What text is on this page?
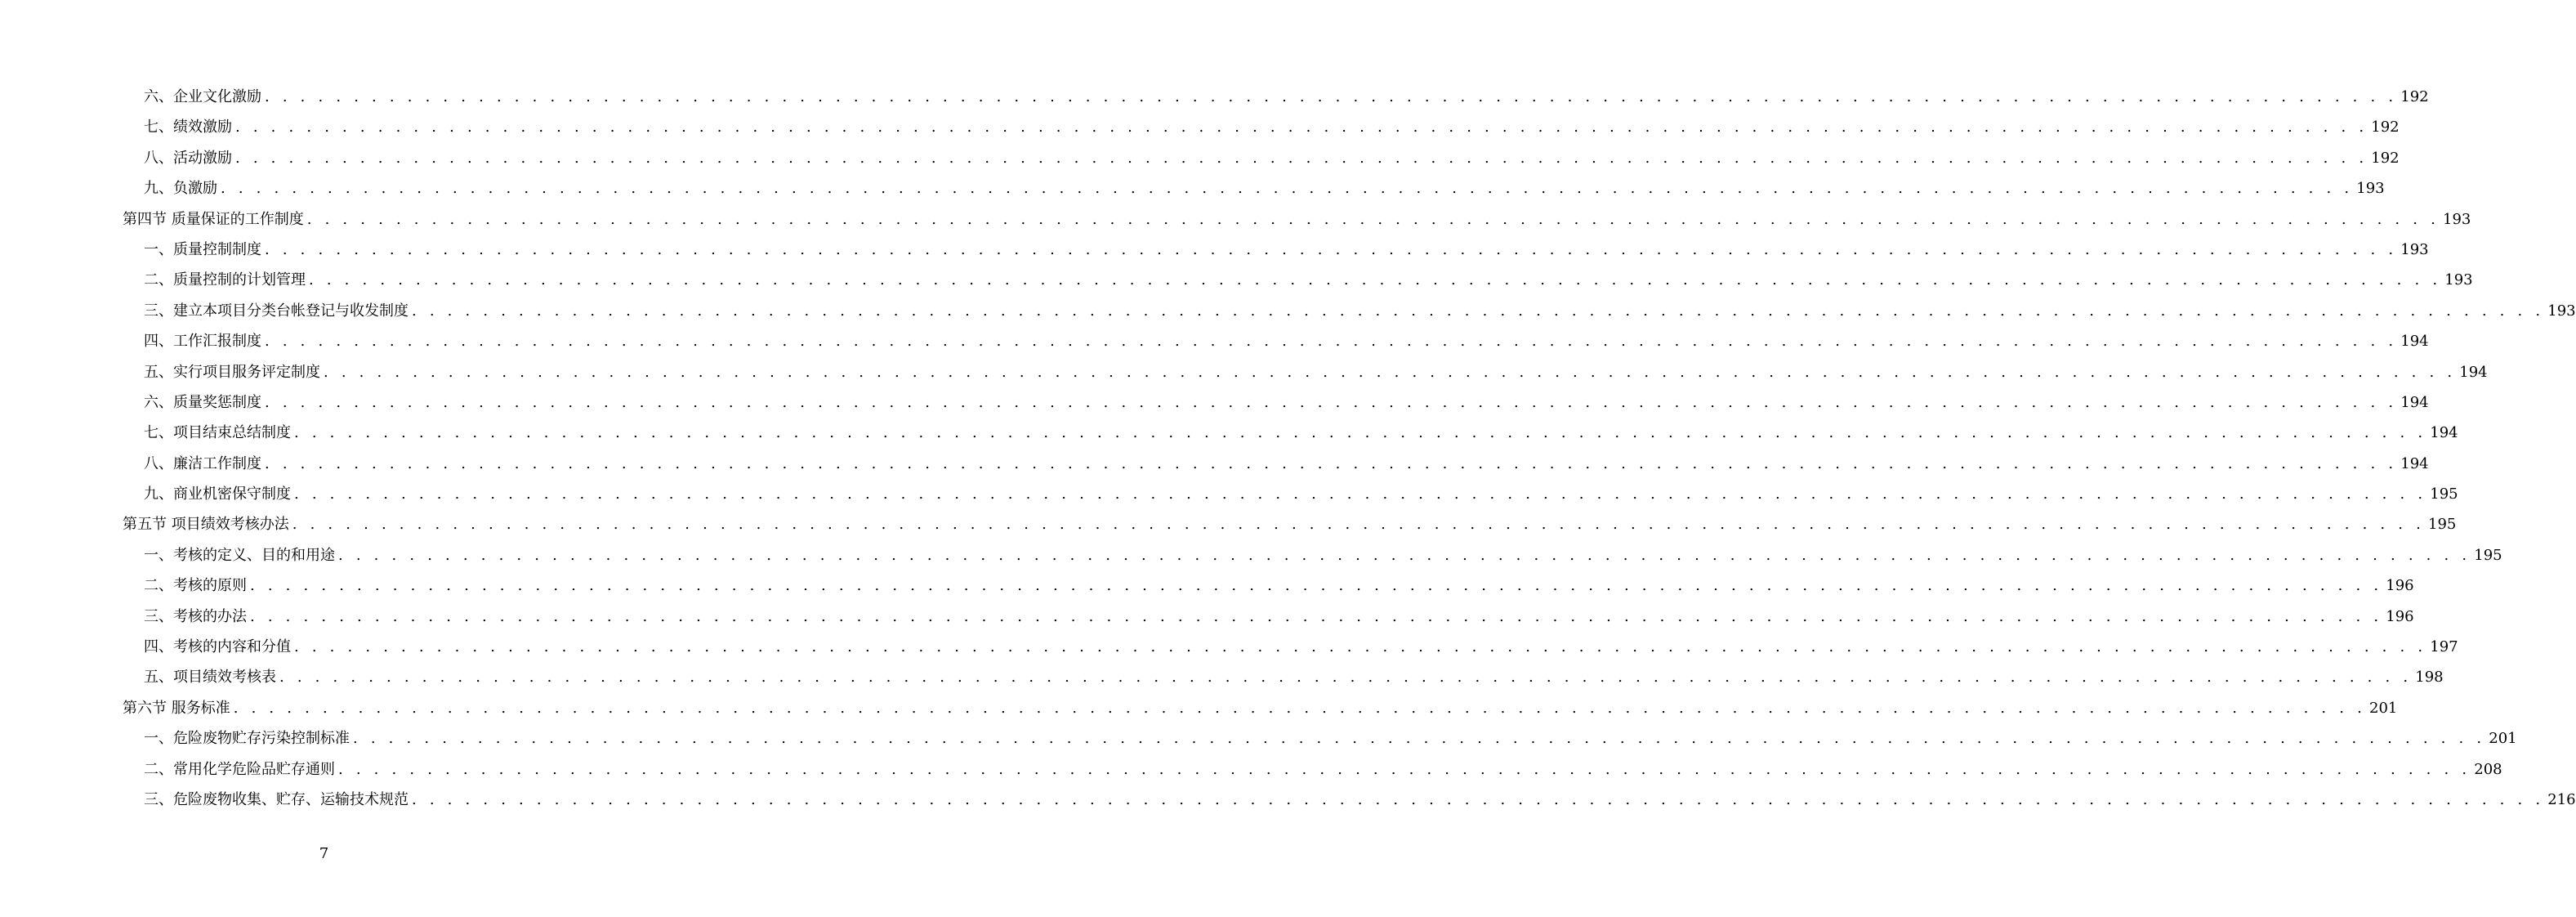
六、企业文化激励 . . . . . . . . . . . . . . . . . . . . . . . . . . . . . . . . . . . . . . . . . . . . . . . . . . . . . . . . . . . . . . . . . . . . . . . . . . . . . . . . . . . . . . . . . . . . . . . . . . . . . . . . . . . . . . . . . . . . . . . . 192
七、绩效激励 . . . . . . . . . . . . . . . . . . . . . . . . . . . . . . . . . . . . . . . . . . . . . . . . . . . . . . . . . . . . . . . . . . . . . . . . . . . . . . . . . . . . . . . . . . . . . . . . . . . . . . . . . . . . . . . . . . . . . . . . 192
八、活动激励 . . . . . . . . . . . . . . . . . . . . . . . . . . . . . . . . . . . . . . . . . . . . . . . . . . . . . . . . . . . . . . . . . . . . . . . . . . . . . . . . . . . . . . . . . . . . . . . . . . . . . . . . . . . . . . . . . . . . . . . . 192
九、负激励 . . . . . . . . . . . . . . . . . . . . . . . . . . . . . . . . . . . . . . . . . . . . . . . . . . . . . . . . . . . . . . . . . . . . . . . . . . . . . . . . . . . . . . . . . . . . . . . . . . . . . . . . . . . . . . . . . . . . . . . . 193
第四节 质量保证的工作制度 . . . . . . . . . . . . . . . . . . . . . . . . . . . . . . . . . . . . . . . . . . . . . . . . . . . . . . . . . . . . . . . . . . . . . . . . . . . . . . . . . . . . . . . . . . . . . . . . . . . . . . . . . . . . . . . . . . . . . . . . 193
一、质量控制制度 . . . . . . . . . . . . . . . . . . . . . . . . . . . . . . . . . . . . . . . . . . . . . . . . . . . . . . . . . . . . . . . . . . . . . . . . . . . . . . . . . . . . . . . . . . . . . . . . . . . . . . . . . . . . . . . . . . . . . . . . 193
二、质量控制的计划管理 . . . . . . . . . . . . . . . . . . . . . . . . . . . . . . . . . . . . . . . . . . . . . . . . . . . . . . . . . . . . . . . . . . . . . . . . . . . . . . . . . . . . . . . . . . . . . . . . . . . . . . . . . . . . . . . . . . . . . . . . 193
三、建立本项目分类台帐登记与收发制度 . . . . . . . . . . . . . . . . . . . . . . . . . . . . . . . . . . . . . . . . . . . . . . . . . . . . . . . . . . . . . . . . . . . . . . . . . . . . . . . . . . . . . . . . . . . . . . . . . . . . . . . . . . . . . . . . . . . . . . . . 193
四、工作汇报制度 . . . . . . . . . . . . . . . . . . . . . . . . . . . . . . . . . . . . . . . . . . . . . . . . . . . . . . . . . . . . . . . . . . . . . . . . . . . . . . . . . . . . . . . . . . . . . . . . . . . . . . . . . . . . . . . . . . . . . . . . 194
五、实行项目服务评定制度 . . . . . . . . . . . . . . . . . . . . . . . . . . . . . . . . . . . . . . . . . . . . . . . . . . . . . . . . . . . . . . . . . . . . . . . . . . . . . . . . . . . . . . . . . . . . . . . . . . . . . . . . . . . . . . . . . . . . . . . . 194
六、质量奖惩制度 . . . . . . . . . . . . . . . . . . . . . . . . . . . . . . . . . . . . . . . . . . . . . . . . . . . . . . . . . . . . . . . . . . . . . . . . . . . . . . . . . . . . . . . . . . . . . . . . . . . . . . . . . . . . . . . . . . . . . . . . 194
七、项目结束总结制度 . . . . . . . . . . . . . . . . . . . . . . . . . . . . . . . . . . . . . . . . . . . . . . . . . . . . . . . . . . . . . . . . . . . . . . . . . . . . . . . . . . . . . . . . . . . . . . . . . . . . . . . . . . . . . . . . . . . . . . . . 194
八、廉洁工作制度 . . . . . . . . . . . . . . . . . . . . . . . . . . . . . . . . . . . . . . . . . . . . . . . . . . . . . . . . . . . . . . . . . . . . . . . . . . . . . . . . . . . . . . . . . . . . . . . . . . . . . . . . . . . . . . . . . . . . . . . . 194
九、商业机密保守制度 . . . . . . . . . . . . . . . . . . . . . . . . . . . . . . . . . . . . . . . . . . . . . . . . . . . . . . . . . . . . . . . . . . . . . . . . . . . . . . . . . . . . . . . . . . . . . . . . . . . . . . . . . . . . . . . . . . . . . . . . 195
第五节 项目绩效考核办法 . . . . . . . . . . . . . . . . . . . . . . . . . . . . . . . . . . . . . . . . . . . . . . . . . . . . . . . . . . . . . . . . . . . . . . . . . . . . . . . . . . . . . . . . . . . . . . . . . . . . . . . . . . . . . . . . . . . . . . . . 195
一、考核的定义、目的和用途 . . . . . . . . . . . . . . . . . . . . . . . . . . . . . . . . . . . . . . . . . . . . . . . . . . . . . . . . . . . . . . . . . . . . . . . . . . . . . . . . . . . . . . . . . . . . . . . . . . . . . . . . . . . . . . . . . . . . . . . . 195
二、考核的原则 . . . . . . . . . . . . . . . . . . . . . . . . . . . . . . . . . . . . . . . . . . . . . . . . . . . . . . . . . . . . . . . . . . . . . . . . . . . . . . . . . . . . . . . . . . . . . . . . . . . . . . . . . . . . . . . . . . . . . . . . 196
三、考核的办法 . . . . . . . . . . . . . . . . . . . . . . . . . . . . . . . . . . . . . . . . . . . . . . . . . . . . . . . . . . . . . . . . . . . . . . . . . . . . . . . . . . . . . . . . . . . . . . . . . . . . . . . . . . . . . . . . . . . . . . . . 196
四、考核的内容和分值 . . . . . . . . . . . . . . . . . . . . . . . . . . . . . . . . . . . . . . . . . . . . . . . . . . . . . . . . . . . . . . . . . . . . . . . . . . . . . . . . . . . . . . . . . . . . . . . . . . . . . . . . . . . . . . . . . . . . . . . . 197
五、项目绩效考核表 . . . . . . . . . . . . . . . . . . . . . . . . . . . . . . . . . . . . . . . . . . . . . . . . . . . . . . . . . . . . . . . . . . . . . . . . . . . . . . . . . . . . . . . . . . . . . . . . . . . . . . . . . . . . . . . . . . . . . . . . 198
第六节 服务标准 . . . . . . . . . . . . . . . . . . . . . . . . . . . . . . . . . . . . . . . . . . . . . . . . . . . . . . . . . . . . . . . . . . . . . . . . . . . . . . . . . . . . . . . . . . . . . . . . . . . . . . . . . . . . . . . . . . . . . . . . 201
一、危险废物贮存污染控制标准 . . . . . . . . . . . . . . . . . . . . . . . . . . . . . . . . . . . . . . . . . . . . . . . . . . . . . . . . . . . . . . . . . . . . . . . . . . . . . . . . . . . . . . . . . . . . . . . . . . . . . . . . . . . . . . . . . . . . . . . . 201
二、常用化学危险品贮存通则 . . . . . . . . . . . . . . . . . . . . . . . . . . . . . . . . . . . . . . . . . . . . . . . . . . . . . . . . . . . . . . . . . . . . . . . . . . . . . . . . . . . . . . . . . . . . . . . . . . . . . . . . . . . . . . . . . . . . . . . . 208
三、危险废物收集、贮存、运输技术规范 . . . . . . . . . . . . . . . . . . . . . . . . . . . . . . . . . . . . . . . . . . . . . . . . . . . . . . . . . . . . . . . . . . . . . . . . . . . . . . . . . . . . . . . . . . . . . . . . . . . . . . . . . . . . . . . . . . . . . . . . 216
7
